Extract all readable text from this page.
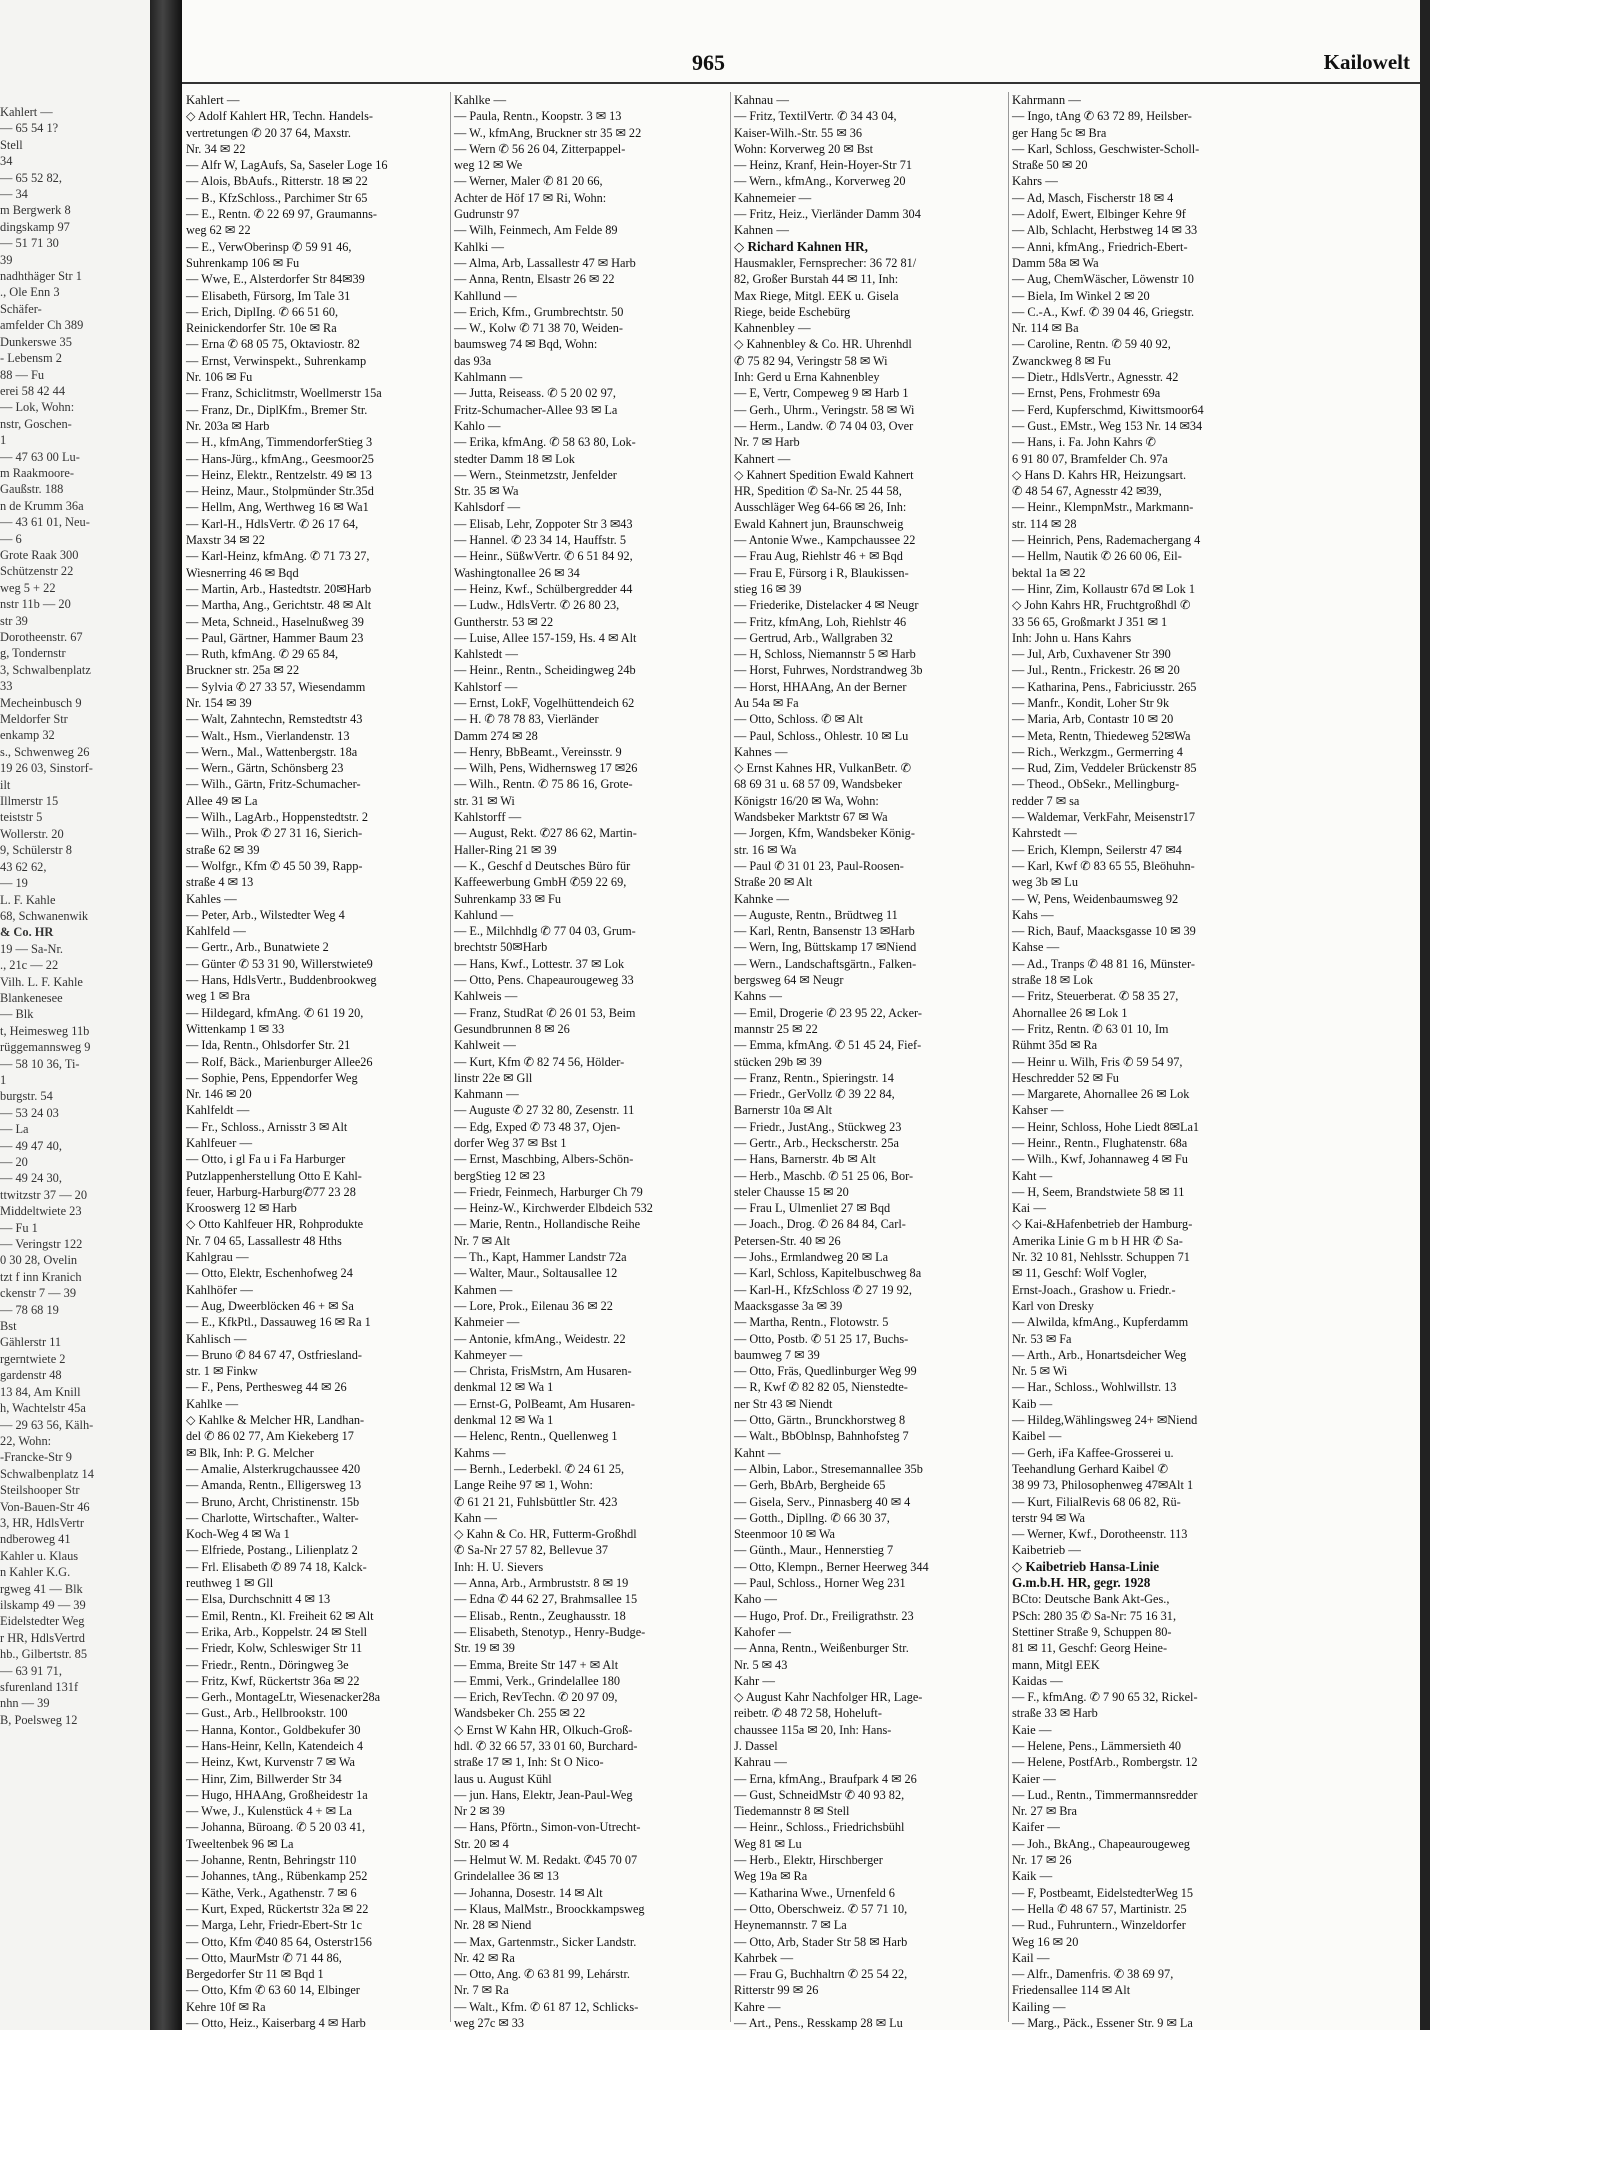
Kahlert —
— 65 54 1?
Stell
34
— 65 52 82,
— 34
m Bergwerk 8
dingskamp 97
— 51 71 30
39
nadhthäger Str 1
., Ole Enn 3
Schäfer-
amfelder Ch 389
Dunkerswe 35
- Lebensm 2
88 — Fu
erei 58 42 44
— Lok, Wohn:
nstr, Goschen-
1
— 47 63 00 Lu-
m Raakmoore-
Gaußstr. 188
n de Krumm 36a
— 43 61 01, Neu-
— 6
Grote Raak 300
Schützenstr 22
weg 5 + 22
nstr 11b — 20
str 39
Dorotheenstr. 67
g, Tondernstr
3, Schwalbenplatz
33
Mecheinbusch 9
Meldorfer Str
enkamp 32
s., Schwenweg 26
19 26 03, Sinstorf-
ilt
Illmerstr 15
teiststr 5
Wollerstr. 20
9, Schülerstr 8
43 62 62,
— 19
L. F. Kahle
68, Schwanenwik
& Co. HR
19 — Sa-Nr.
., 21c — 22
Vilh. L. F. Kahle
Blankenesee
— Blk
t, Heimesweg 11b
rüggemannsweg 9
— 58 10 36, Ti-
1
burgstr. 54
— 53 24 03
— La
— 49 47 40,
— 20
— 49 24 30,
ttwitzstr 37 — 20
Middeltwiete 23
— Fu 1
— Veringstr 122
0 30 28, Ovelin
tzt f inn Kranich
ckenstr 7 — 39
— 78 68 19
Bst
Gählerstr 11
rgerntwiete 2
gardenstr 48
13 84, Am Knill
h, Wachtelstr 45a
— 29 63 56, Kälh-
22, Wohn:
-Francke-Str 9
Schwalbenplatz 14
Steilshooper Str
Von-Bauen-Str 46
3, HR, HdlsVertr
ndberoweg 41
Kahler u. Klaus
n Kahler K.G.
rgweg 41 — Blk
ilskamp 49 — 39
Eidelstedter Weg
r HR, HdlsVertrd
hb., Gilbertstr. 85
— 63 91 71,
sfurenland 131f
nhn — 39
B, Poelsweg 12
965	Kailowelt
Kahlert —
◇ Adolf Kahlert HR, Techn. Handels-
vertretungen ✆ 20 37 64, Maxstr.
Nr. 34 ✉ 22
— Alfr W, LagAufs, Sa, Saseler Loge 16
— Alois, BbAufs., Ritterstr. 18 ✉ 22
— B., KfzSchloss., Parchimer Str 65
— E., Rentn. ✆ 22 69 97, Graumanns-
weg 62 ✉ 22
— E., VerwOberinsp ✆ 59 91 46,
Suhrenkamp 106 ✉ Fu
— Wwe, E., Alsterdorfer Str 84✉39
— Elisabeth, Fürsorg, Im Tale 31
— Erich, DiplIng. ✆ 66 51 60,
Reinickendorfer Str. 10e ✉ Ra
— Erna ✆ 68 05 75, Oktaviostr. 82
— Ernst, Verwinspekt., Suhrenkamp
Nr. 106 ✉ Fu
— Franz, Schiclitmstr, Woellmerstr 15a
— Franz, Dr., DiplKfm., Bremer Str.
Nr. 203a ✉ Harb
— H., kfmAng, TimmendorferStieg 3
— Hans-Jürg., kfmAng., Geesmoor25
— Heinz, Elektr., Rentzelstr. 49 ✉ 13
— Heinz, Maur., Stolpmünder Str.35d
— Hellm, Ang, Werthweg 16 ✉ Wa1
— Karl-H., HdlsVertr. ✆ 26 17 64,
Maxstr 34 ✉ 22
— Karl-Heinz, kfmAng. ✆ 71 73 27,
Wiesnerring 46 ✉ Bqd
— Martin, Arb., Hastedtstr. 20✉Harb
— Martha, Ang., Gerichtstr. 48 ✉ Alt
— Meta, Schneid., Haselnußweg 39
— Paul, Gärtner, Hammer Baum 23
— Ruth, kfmAng. ✆ 29 65 84,
Bruckner str. 25a ✉ 22
— Sylvia ✆ 27 33 57, Wiesendamm
Nr. 154 ✉ 39
— Walt, Zahntechn, Remstedtstr 43
— Walt., Hsm., Vierlandenstr. 13
— Wern., Mal., Wattenbergstr. 18a
— Wern., Gärtn, Schönsberg 23
— Wilh., Gärtn, Fritz-Schumacher-
Allee 49 ✉ La
— Wilh., LagArb., Hoppenstedtstr. 2
— Wilh., Prok ✆ 27 31 16, Sierich-
straße 62 ✉ 39
— Wolfgr., Kfm ✆ 45 50 39, Rapp-
straße 4 ✉ 13
Kahles —
— Peter, Arb., Wilstedter Weg 4
Kahlfeld —
— Gertr., Arb., Bunatwiete 2
— Günter ✆ 53 31 90, Willerstwiete9
— Hans, HdlsVertr., Buddenbrookweg
weg 1 ✉ Bra
— Hildegard, kfmAng. ✆ 61 19 20,
Wittenkamp 1 ✉ 33
— Ida, Rentn., Ohlsdorfer Str. 21
— Rolf, Bäck., Marienburger Allee26
— Sophie, Pens, Eppendorfer Weg
Nr. 146 ✉ 20
Kahlfeldt —
— Fr., Schloss., Arnisstr 3 ✉ Alt
Kahlfeuer —
— Otto, i gl Fa u i Fa Harburger
Putzlappenherstellung Otto E Kahl-
feuer, Harburg-Harburg✆77 23 28
Krooswerg 12 ✉ Harb
◇ Otto Kahlfeuer HR, Rohprodukte
Nr. 7 04 65, Lassallestr 48 Hths
Kahlgrau —
— Otto, Elektr, Eschenhofweg 24
Kahlhöfer —
— Aug, Dweerblöcken 46 + ✉ Sa
— E., KfkPtl., Dassauweg 16 ✉ Ra 1
Kahlisch —
— Bruno ✆ 84 67 47, Ostfriesland-
str. 1 ✉ Finkw
— F., Pens, Perthesweg 44 ✉ 26
Kahlke —
◇ Kahlke & Melcher HR, Landhan-
del ✆ 86 02 77, Am Kiekeberg 17
✉ Blk, Inh: P. G. Melcher
— Amalie, Alsterkrugchaussee 420
— Amanda, Rentn., Elligersweg 13
— Bruno, Archt, Christinenstr. 15b
— Charlotte, Wirtschafter., Walter-
Koch-Weg 4 ✉ Wa 1
— Elfriede, Postang., Lilienplatz 2
— Frl. Elisabeth ✆ 89 74 18, Kalck-
reuthweg 1 ✉ Gll
— Elsa, Durchschnitt 4 ✉ 13
— Emil, Rentn., Kl. Freiheit 62 ✉ Alt
— Erika, Arb., Koppelstr. 24 ✉ Stell
— Friedr, Kolw, Schleswiger Str 11
— Friedr., Rentn., Döringweg 3e
— Fritz, Kwf, Rückertstr 36a ✉ 22
— Gerh., MontageLtr, Wiesenacker28a
— Gust., Arb., Hellbrookstr. 100
— Hanna, Kontor., Goldbekufer 30
— Hans-Heinr, Kelln, Katendeich 4
— Heinz, Kwt, Kurvenstr 7 ✉ Wa
— Hinr, Zim, Billwerder Str 34
— Hugo, HHAAng, Großheidestr 1a
— Wwe, J., Kulenstück 4 + ✉ La
— Johanna, Büroang. ✆ 5 20 03 41,
Tweeltenbek 96 ✉ La
— Johanne, Rentn, Behringstr 110
— Johannes, tAng., Rübenkamp 252
— Käthe, Verk., Agathenstr. 7 ✉ 6
— Kurt, Exped, Rückertstr 32a ✉ 22
— Marga, Lehr, Friedr-Ebert-Str 1c
— Otto, Kfm ✆40 85 64, Osterstr156
— Otto, MaurMstr ✆ 71 44 86,
Bergedorfer Str 11 ✉ Bqd 1
— Otto, Kfm ✆ 63 60 14, Elbinger
Kehre 10f ✉ Ra
— Otto, Heiz., Kaiserbarg 4 ✉ Harb
Kahlke —
— Paula, Rentn., Koopstr. 3 ✉ 13
— W., kfmAng, Bruckner str 35 ✉ 22
— Wern ✆ 56 26 04, Zitterpappel-
weg 12 ✉ We
— Werner, Maler ✆ 81 20 66,
Achter de Höf 17 ✉ Ri, Wohn:
Gudrunstr 97
— Wilh, Feinmech, Am Felde 89
Kahlki —
— Alma, Arb, Lassallestr 47 ✉ Harb
— Anna, Rentn, Elsastr 26 ✉ 22
Kahllund —
— Erich, Kfm., Grumbrechtstr. 50
— W., Kolw ✆ 71 38 70, Weiden-
baumsweg 74 ✉ Bqd, Wohn:
das 93a
Kahlmann —
— Jutta, Reiseass. ✆ 5 20 02 97,
Fritz-Schumacher-Allee 93 ✉ La
Kahlo —
— Erika, kfmAng. ✆ 58 63 80, Lok-
stedter Damm 18 ✉ Lok
— Wern., Steinmetzstr, Jenfelder
Str. 35 ✉ Wa
Kahlsdorf —
— Elisab, Lehr, Zoppoter Str 3 ✉43
— Hannel. ✆ 23 34 14, Hauffstr. 5
— Heinr., SüßwVertr. ✆ 6 51 84 92,
Washingtonallee 26 ✉ 34
— Heinz, Kwf., Schülbergredder 44
— Ludw., HdlsVertr. ✆ 26 80 23,
Guntherstr. 53 ✉ 22
— Luise, Allee 157-159, Hs. 4 ✉ Alt
Kahlstedt —
— Heinr., Rentn., Scheidingweg 24b
Kahlstorf —
— Ernst, LokF, Vogelhüttendeich 62
— H. ✆ 78 78 83, Vierländer
Damm 274 ✉ 28
— Henry, BbBeamt., Vereinsstr. 9
— Wilh, Pens, Widhernsweg 17 ✉26
— Wilh., Rentn. ✆ 75 86 16, Grote-
str. 31 ✉ Wi
Kahlstorff —
— August, Rekt. ✆27 86 62, Martin-
Haller-Ring 21 ✉ 39
— K., Geschf d Deutsches Büro für
Kaffeewerbung GmbH ✆59 22 69,
Suhrenkamp 33 ✉ Fu
Kahlund —
— E., Milchhdlg ✆ 77 04 03, Grum-
brechtstr 50✉Harb
— Hans, Kwf., Lottestr. 37 ✉ Lok
— Otto, Pens. Chapeaurougeweg 33
Kahlweis —
— Franz, StudRat ✆ 26 01 53, Beim
Gesundbrunnen 8 ✉ 26
Kahlweit —
— Kurt, Kfm ✆ 82 74 56, Hölder-
linstr 22e ✉ Gll
Kahmann —
— Auguste ✆ 27 32 80, Zesenstr. 11
— Edg, Exped ✆ 73 48 37, Ojen-
dorfer Weg 37 ✉ Bst 1
— Ernst, Maschbing, Albers-Schön-
bergStieg 12 ✉ 23
— Friedr, Feinmech, Harburger Ch 79
— Heinz-W., Kirchwerder Elbdeich 532
— Marie, Rentn., Hollandische Reihe
Nr. 7 ✉ Alt
— Th., Kapt, Hammer Landstr 72a
— Walter, Maur., Soltausallee 12
Kahmen —
— Lore, Prok., Eilenau 36 ✉ 22
Kahmeier —
— Antonie, kfmAng., Weidestr. 22
Kahmeyer —
— Christa, FrisMstrn, Am Husaren-
denkmal 12 ✉ Wa 1
— Ernst-G, PolBeamt, Am Husaren-
denkmal 12 ✉ Wa 1
— Helenc, Rentn., Quellenweg 1
Kahms —
— Bernh., Lederbekl. ✆ 24 61 25,
Lange Reihe 97 ✉ 1, Wohn:
✆ 61 21 21, Fuhlsbüttler Str. 423
Kahn —
◇ Kahn & Co. HR, Futterm-Großhdl
✆ Sa-Nr 27 57 82, Bellevue 37
Inh: H. U. Sievers
— Anna, Arb., Armbruststr. 8 ✉ 19
— Edna ✆ 44 62 27, Brahmsallee 15
— Elisab., Rentn., Zeughausstr. 18
— Elisabeth, Stenotyp., Henry-Budge-
Str. 19 ✉ 39
— Emma, Breite Str 147 + ✉ Alt
— Emmi, Verk., Grindelallee 180
— Erich, RevTechn. ✆ 20 97 09,
Wandsbeker Ch. 255 ✉ 22
◇ Ernst W Kahn HR, Olkuch-Groß-
hdl. ✆ 32 66 57, 33 01 60, Burchard-
straße 17 ✉ 1, Inh: St O Nico-
laus u. August Kühl
— jun. Hans, Elektr, Jean-Paul-Weg
Nr 2 ✉ 39
— Hans, Pförtn., Simon-von-Utrecht-
Str. 20 ✉ 4
— Helmut W. M. Redakt. ✆45 70 07
Grindelallee 36 ✉ 13
— Johanna, Dosestr. 14 ✉ Alt
— Klaus, MalMstr., Broockkampsweg
Nr. 28 ✉ Niend
— Max, Gartenmstr., Sicker Landstr.
Nr. 42 ✉ Ra
— Otto, Ang. ✆ 63 81 99, Lehárstr.
Nr. 7 ✉ Ra
— Walt., Kfm. ✆ 61 87 12, Schlicks-
weg 27c ✉ 33
Kahnau —
— Fritz, TextilVertr. ✆ 34 43 04,
Kaiser-Wilh.-Str. 55 ✉ 36
Wohn: Korverweg 20 ✉ Bst
— Heinz, Kranf, Hein-Hoyer-Str 71
— Wern., kfmAng., Korverweg 20
Kahnemeier —
— Fritz, Heiz., Vierländer Damm 304
Kahnen —
◇ Richard Kahnen HR,
Hausmakler, Fernsprecher: 36 72 81/
82, Großer Burstah 44 ✉ 11, Inh:
Max Riege, Mitgl. EEK u. Gisela
Riege, beide Eschebürg
Kahnenbley —
◇ Kahnenbley & Co. HR. Uhrenhdl
✆ 75 82 94, Veringstr 58 ✉ Wi
Inh: Gerd u Erna Kahnenbley
— E, Vertr, Compeweg 9 ✉ Harb 1
— Gerh., Uhrm., Veringstr. 58 ✉ Wi
— Herm., Landw. ✆ 74 04 03, Over
Nr. 7 ✉ Harb
Kahnert —
◇ Kahnert Spedition Ewald Kahnert
HR, Spedition ✆ Sa-Nr. 25 44 58,
Ausschläger Weg 64-66 ✉ 26, Inh:
Ewald Kahnert jun, Braunschweig
— Antonie Wwe., Kampchaussee 22
— Frau Aug, Riehlstr 46 + ✉ Bqd
— Frau E, Fürsorg i R, Blaukissen-
stieg 16 ✉ 39
— Friederike, Distelacker 4 ✉ Neugr
— Fritz, kfmAng, Loh, Riehlstr 46
— Gertrud, Arb., Wallgraben 32
— H, Schloss, Niemannstr 5 ✉ Harb
— Horst, Fuhrwes, Nordstrandweg 3b
— Horst, HHAAng, An der Berner
Au 54a ✉ Fa
— Otto, Schloss. ✆ ✉ Alt
— Paul, Schloss., Ohlestr. 10 ✉ Lu
Kahnes —
◇ Ernst Kahnes HR, VulkanBetr. ✆
68 69 31 u. 68 57 09, Wandsbeker
Königstr 16/20 ✉ Wa, Wohn:
Wandsbeker Marktstr 67 ✉ Wa
— Jorgen, Kfm, Wandsbeker König-
str. 16 ✉ Wa
— Paul ✆ 31 01 23, Paul-Roosen-
Straße 20 ✉ Alt
Kahnke —
— Auguste, Rentn., Brüdtweg 11
— Karl, Rentn, Bansenstr 13 ✉Harb
— Wern, Ing, Büttskamp 17 ✉Niend
— Wern., Landschaftsgärtn., Falken-
bergsweg 64 ✉ Neugr
Kahns —
— Emil, Drogerie ✆ 23 95 22, Acker-
mannstr 25 ✉ 22
— Emma, kfmAng. ✆ 51 45 24, Fief-
stücken 29b ✉ 39
— Franz, Rentn., Spieringstr. 14
— Friedr., GerVollz ✆ 39 22 84,
Barnerstr 10a ✉ Alt
— Friedr., JustAng., Stückweg 23
— Gertr., Arb., Heckscherstr. 25a
— Hans, Barnerstr. 4b ✉ Alt
— Herb., Maschb. ✆ 51 25 06, Bor-
steler Chausse 15 ✉ 20
— Frau L, Ulmenliet 27 ✉ Bqd
— Joach., Drog. ✆ 26 84 84, Carl-
Petersen-Str. 40 ✉ 26
— Johs., Ermlandweg 20 ✉ La
— Karl, Schloss, Kapitelbuschweg 8a
— Karl-H., KfzSchloss ✆ 27 19 92,
Maacksgasse 3a ✉ 39
— Martha, Rentn., Flotowstr. 5
— Otto, Postb. ✆ 51 25 17, Buchs-
baumweg 7 ✉ 39
— Otto, Fräs, Quedlinburger Weg 99
— R, Kwf ✆ 82 82 05, Nienstedte-
ner Str 43 ✉ Niendt
— Otto, Gärtn., Brunckhorstweg 8
— Walt., BbOblnsp, Bahnhofsteg 7
Kahnt —
— Albin, Labor., Stresemannallee 35b
— Gerh, BbArb, Bergheide 65
— Gisela, Serv., Pinnasberg 40 ✉ 4
— Gotth., Dipllng. ✆ 66 30 37,
Steenmoor 10 ✉ Wa
— Günth., Maur., Hennerstieg 7
— Otto, Klempn., Berner Heerweg 344
— Paul, Schloss., Horner Weg 231
Kaho —
— Hugo, Prof. Dr., Freiligrathstr. 23
Kahofer —
— Anna, Rentn., Weißenburger Str.
Nr. 5 ✉ 43
Kahr —
◇ August Kahr Nachfolger HR, Lage-
reibetr. ✆ 48 72 58, Hoheluft-
chaussee 115a ✉ 20, Inh: Hans-
J. Dassel
Kahrau —
— Erna, kfmAng., Braufpark 4 ✉ 26
— Gust, SchneidMstr ✆ 40 93 82,
Tiedemannstr 8 ✉ Stell
— Heinr., Schloss., Friedrichsbühl
Weg 81 ✉ Lu
— Herb., Elektr, Hirschberger
Weg 19a ✉ Ra
— Katharina Wwe., Urnenfeld 6
— Otto, Oberschweiz. ✆ 57 71 10,
Heynemannstr. 7 ✉ La
— Otto, Arb, Stader Str 58 ✉ Harb
Kahrbek —
— Frau G, Buchhaltrn ✆ 25 54 22,
Ritterstr 99 ✉ 26
Kahre —
— Art., Pens., Resskamp 28 ✉ Lu
Kahrmann —
— Ingo, tAng ✆ 63 72 89, Heilsber-
ger Hang 5c ✉ Bra
— Karl, Schloss, Geschwister-Scholl-
Straße 50 ✉ 20
Kahrs —
— Ad, Masch, Fischerstr 18 ✉ 4
— Adolf, Ewert, Elbinger Kehre 9f
— Alb, Schlacht, Herbstweg 14 ✉ 33
— Anni, kfmAng., Friedrich-Ebert-
Damm 58a ✉ Wa
— Aug, ChemWäscher, Löwenstr 10
— Biela, Im Winkel 2 ✉ 20
— C.-A., Kwf. ✆ 39 04 46, Griegstr.
Nr. 114 ✉ Ba
— Caroline, Rentn. ✆ 59 40 92,
Zwanckweg 8 ✉ Fu
— Dietr., HdlsVertr., Agnesstr. 42
— Ernst, Pens, Frohmestr 69a
— Ferd, Kupferschmd, Kiwittsmoor64
— Gust., EMstr., Weg 153 Nr. 14 ✉34
— Hans, i. Fa. John Kahrs ✆
6 91 80 07, Bramfelder Ch. 97a
◇ Hans D. Kahrs HR, Heizungsart.
✆ 48 54 67, Agnesstr 42 ✉39,
— Heinr., KlempnMstr., Markmann-
str. 114 ✉ 28
— Heinrich, Pens, Rademachergang 4
— Hellm, Nautik ✆ 26 60 06, Eil-
bektal 1a ✉ 22
— Hinr, Zim, Kollaustr 67d ✉ Lok 1
◇ John Kahrs HR, Fruchtgroßhdl ✆
33 56 65, Großmarkt J 351 ✉ 1
Inh: John u. Hans Kahrs
— Jul, Arb, Cuxhavener Str 390
— Jul., Rentn., Frickestr. 26 ✉ 20
— Katharina, Pens., Fabriciusstr. 265
— Manfr., Kondit, Loher Str 9k
— Maria, Arb, Contastr 10 ✉ 20
— Meta, Rentn, Thiedeweg 52✉Wa
— Rich., Werkzgm., Germerring 4
— Rud, Zim, Veddeler Brückenstr 85
— Theod., ObSekr., Mellingburg-
redder 7 ✉ sa
— Waldemar, VerkFahr, Meisenstr17
Kahrstedt —
— Erich, Klempn, Seilerstr 47 ✉4
— Karl, Kwf ✆ 83 65 55, Bleöhuhn-
weg 3b ✉ Lu
— W, Pens, Weidenbaumsweg 92
Kahs —
— Rich, Bauf, Maacksgasse 10 ✉ 39
Kahse —
— Ad., Tranps ✆ 48 81 16, Münster-
straße 18 ✉ Lok
— Fritz, Steuerberat. ✆ 58 35 27,
Ahornallee 26 ✉ Lok 1
— Fritz, Rentn. ✆ 63 01 10, Im
Rühmt 35d ✉ Ra
— Heinr u. Wilh, Fris ✆ 59 54 97,
Heschredder 52 ✉ Fu
— Margarete, Ahornallee 26 ✉ Lok
Kahser —
— Heinr, Schloss, Hohe Liedt 8✉La1
— Heinr., Rentn., Flughatenstr. 68a
— Wilh., Kwf, Johannaweg 4 ✉ Fu
Kaht —
— H, Seem, Brandstwiete 58 ✉ 11
Kai —
◇ Kai-&Hafenbetrieb der Hamburg-
Amerika Linie G m b H HR ✆ Sa-
Nr. 32 10 81, Nehlsstr. Schuppen 71
✉ 11, Geschf: Wolf Vogler,
Ernst-Joach., Grashow u. Friedr.-
Karl von Dresky
— Alwilda, kfmAng., Kupferdamm
Nr. 53 ✉ Fa
— Arth., Arb., Honartsdeicher Weg
Nr. 5 ✉ Wi
— Har., Schloss., Wohlwillstr. 13
Kaib —
— Hildeg,Wählingsweg 24+ ✉Niend
Kaibel —
— Gerh, iFa Kaffee-Grosserei u.
Teehandlung Gerhard Kaibel ✆
38 99 73, Philosophenweg 47✉Alt 1
— Kurt, FilialRevis 68 06 82, Rü-
terstr 94 ✉ Wa
— Werner, Kwf., Dorotheenstr. 113
Kaibetrieb —
◇ Kaibetrieb Hansa-Linie
G.m.b.H. HR, gegr. 1928
BCto: Deutsche Bank Akt-Ges.,
PSch: 280 35 ✆ Sa-Nr: 75 16 31,
Stettiner Straße 9, Schuppen 80-
81 ✉ 11, Geschf: Georg Heine-
mann, Mitgl EEK
Kaidas —
— F., kfmAng. ✆ 7 90 65 32, Rickel-
straße 33 ✉ Harb
Kaie —
— Helene, Pens., Lämmersieth 40
— Helene, PostfArb., Rombergstr. 12
Kaier —
— Lud., Rentn., Timmermannsredder
Nr. 27 ✉ Bra
Kaifer —
— Joh., BkAng., Chapeaurougeweg
Nr. 17 ✉ 26
Kaik —
— F, Postbeamt, EidelstedterWeg 15
— Hella ✆ 48 67 57, Martinistr. 25
— Rud., Fuhruntern., Winzeldorfer
Weg 16 ✉ 20
Kail —
— Alfr., Damenfris. ✆ 38 69 97,
Friedensallee 114 ✉ Alt
Kailing —
— Marg., Päck., Essener Str. 9 ✉ La
